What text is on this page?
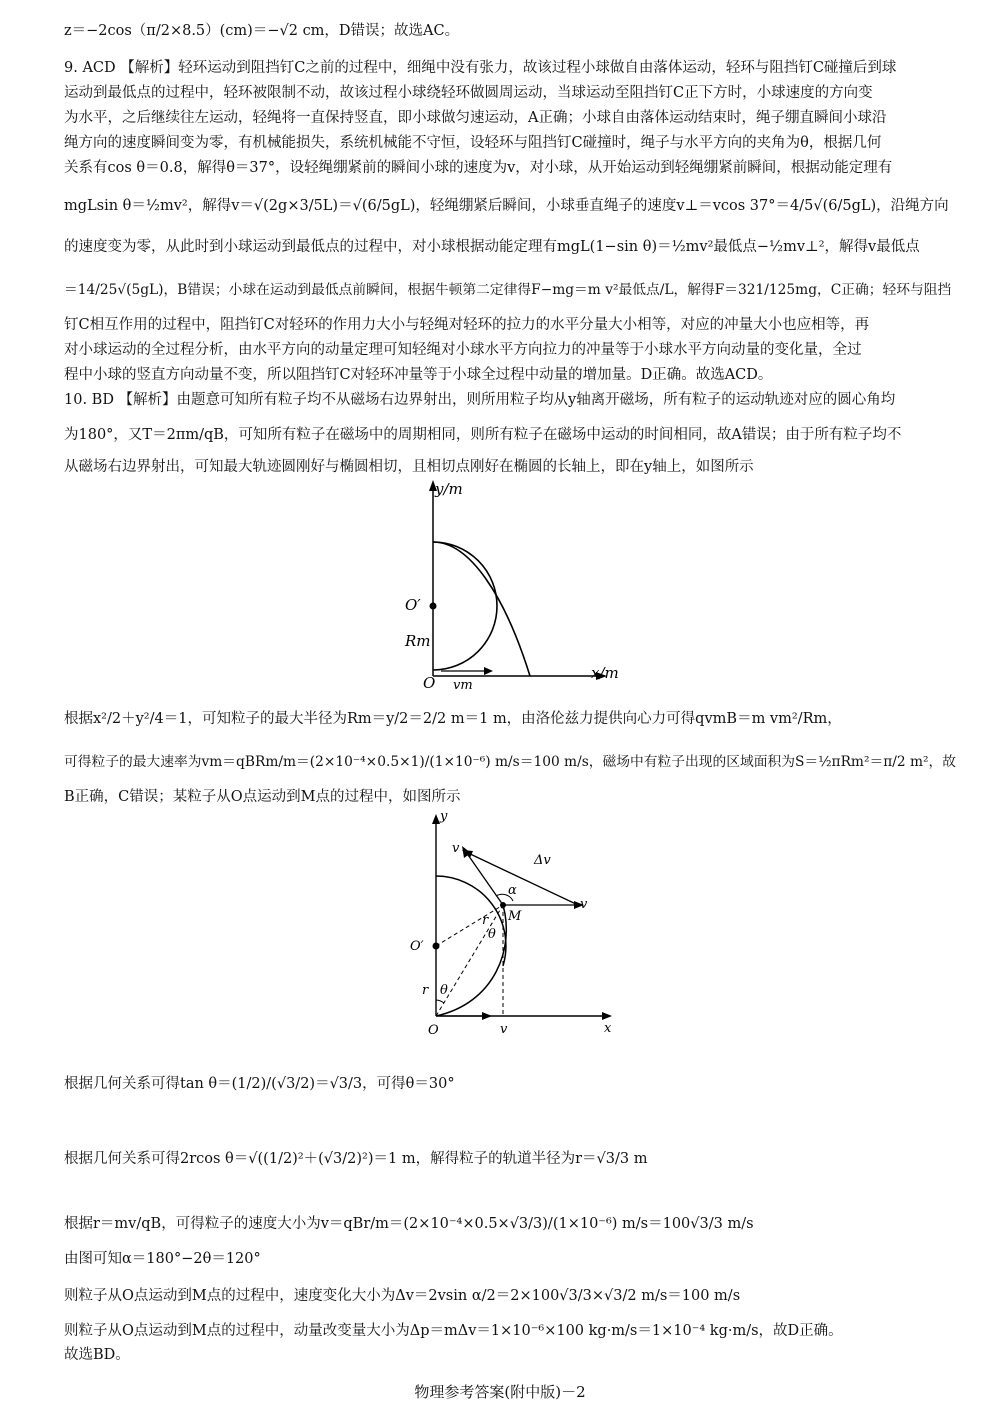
z＝−2cos（π/2×8.5）(cm)＝−√2 cm，D错误；故选AC。
9. ACD 【解析】轻环运动到阻挡钉C之前的过程中，细绳中没有张力，故该过程小球做自由落体运动，轻环与阻挡钉C碰撞后到球
运动到最低点的过程中，轻环被限制不动，故该过程小球绕轻环做圆周运动，当球运动至阻挡钉C正下方时，小球速度的方向变
为水平，之后继续往左运动，轻绳将一直保持竖直，即小球做匀速运动，A正确；小球自由落体运动结束时，绳子绷直瞬间小球沿
绳方向的速度瞬间变为零，有机械能损失，系统机械能不守恒，设轻环与阻挡钉C碰撞时，绳子与水平方向的夹角为θ，根据几何
关系有cos θ＝0.8，解得θ＝37°，设轻绳绷紧前的瞬间小球的速度为v，对小球，从开始运动到轻绳绷紧前瞬间，根据动能定理有
mgLsin θ＝½mv²，解得v＝√(2g×3/5L)＝√(6/5gL)，轻绳绷紧后瞬间，小球垂直绳子的速度v⊥＝vcos 37°＝4/5√(6/5gL)，沿绳方向
的速度变为零，从此时到小球运动到最低点的过程中，对小球根据动能定理有mgL(1−sin θ)＝½mv²最低点−½mv⊥²，解得v最低点
＝14/25√(5gL)，B错误；小球在运动到最低点前瞬间，根据牛顿第二定律得F−mg＝m v²最低点/L，解得F＝321/125mg，C正确；轻环与阻挡
钉C相互作用的过程中，阻挡钉C对轻环的作用力大小与轻绳对轻环的拉力的水平分量大小相等，对应的冲量大小也应相等，再
对小球运动的全过程分析，由水平方向的动量定理可知轻绳对小球水平方向拉力的冲量等于小球水平方向动量的变化量，全过
程中小球的竖直方向动量不变，所以阻挡钉C对轻环冲量等于小球全过程中动量的增加量。D正确。故选ACD。
10. BD 【解析】由题意可知所有粒子均不从磁场右边界射出，则所用粒子均从y轴离开磁场，所有粒子的运动轨迹对应的圆心角均
为180°，又T＝2πm/qB，可知所有粒子在磁场中的周期相同，则所有粒子在磁场中运动的时间相同，故A错误；由于所有粒子均不
从磁场右边界射出，可知最大轨迹圆刚好与椭圆相切，且相切点刚好在椭圆的长轴上，即在y轴上，如图所示
y/m
x/m
O′
Rm
O vm
根据x²/2＋y²/4＝1，可知粒子的最大半径为Rm＝y/2＝2/2 m＝1 m，由洛伦兹力提供向心力可得qvmB＝m vm²/Rm，
可得粒子的最大速率为vm＝qBRm/m＝(2×10⁻⁴×0.5×1)/(1×10⁻⁶) m/s＝100 m/s，磁场中有粒子出现的区域面积为S＝½πRm²＝π/2 m²，故
B正确，C错误；某粒子从O点运动到M点的过程中，如图所示
y
x
v
Δv
α
v
r M
θ
O′
r θ
O	v
根据几何关系可得tan θ＝(1/2)/(√3/2)＝√3/3，可得θ＝30°
根据几何关系可得2rcos θ＝√((1/2)²＋(√3/2)²)＝1 m，解得粒子的轨道半径为r＝√3/3 m
根据r＝mv/qB，可得粒子的速度大小为v＝qBr/m＝(2×10⁻⁴×0.5×√3/3)/(1×10⁻⁶) m/s＝100√3/3 m/s
由图可知α＝180°−2θ＝120°
则粒子从O点运动到M点的过程中，速度变化大小为Δv＝2vsin α/2＝2×100√3/3×√3/2 m/s＝100 m/s
则粒子从O点运动到M点的过程中，动量改变量大小为Δp＝mΔv＝1×10⁻⁶×100 kg·m/s＝1×10⁻⁴ kg·m/s，故D正确。
故选BD。
物理参考答案(附中版)－2
